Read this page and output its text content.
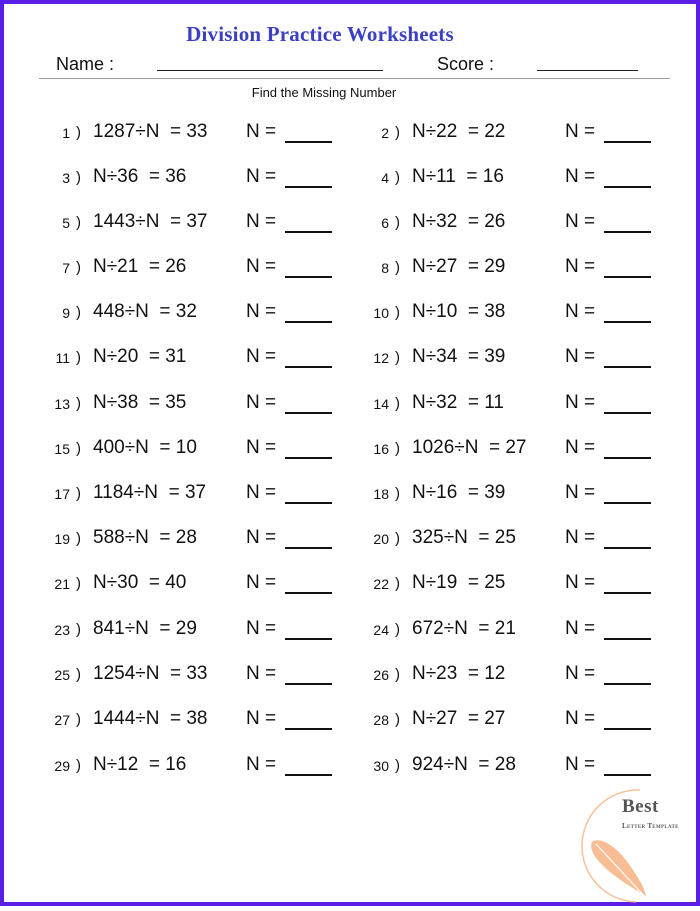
Division Practice Worksheets
Name :	Score :
Find the Missing Number
1 ) 1287÷N  = 33 N =	2 ) N÷22  = 22	N =
3 ) N÷36  = 36	N =	4 ) N÷11  = 16	N =
5 ) 1443÷N  = 37 N =	6 ) N÷32  = 26	N =
7 ) N÷21  = 26	N =	8 ) N÷27  = 29	N =
9 ) 448÷N  = 32	N =	10 ) N÷10  = 38	N =
11 ) N÷20  = 31	N =	12 ) N÷34  = 39	N =
13 ) N÷38  = 35	N =	14 ) N÷32  = 11	N =
15 ) 400÷N  = 10	N =	16 ) 1026÷N  = 27 N =
17 ) 1184÷N  = 37 N =	18 ) N÷16  = 39	N =
19 ) 588÷N  = 28	N =	20 ) 325÷N  = 25	N =
21 ) N÷30  = 40	N =	22 ) N÷19  = 25	N =
23 ) 841÷N  = 29	N =	24 ) 672÷N  = 21	N =
25 ) 1254÷N  = 33 N =	26 ) N÷23  = 12	N =
27 ) 1444÷N  = 38 N =	28 ) N÷27  = 27	N =
29 ) N÷12  = 16	N =	30 ) 924÷N  = 28	N =
Best
Letter Template
